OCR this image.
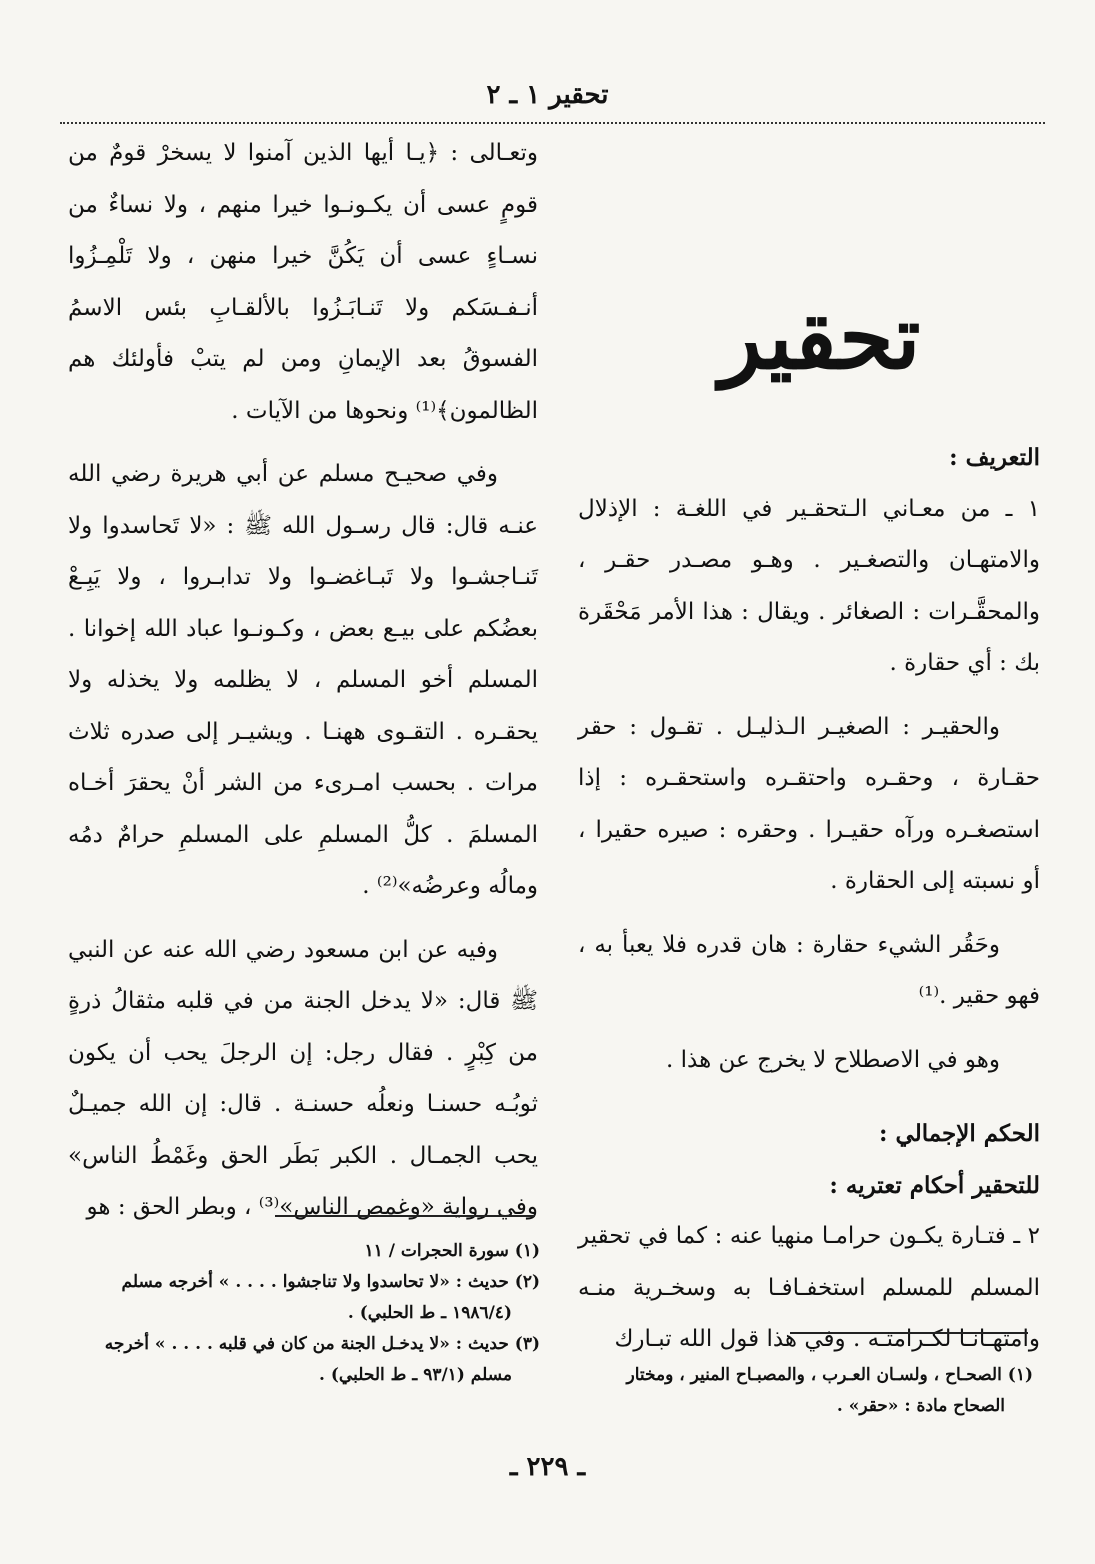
تحقير ١ ـ ٢

وتعـالى : ﴿يـا أيها الذين آمنوا لا يسخرْ قومٌ من قومٍ عسى أن يكـونـوا خيرا منهم ، ولا نساءٌ من نسـاءٍ عسى أن يَكُنَّ خيرا منهن ، ولا تَلْمِـزُوا أنـفـسَكم ولا تَنـابَـزُوا بالألقـابِ بئس الاسمُ الفسوقُ بعد الإيمانِ ومن لم يتبْ فأولئك هم الظالمون﴾⁽¹⁾ ونحوها من الآيات .

وفي صحيـح مسلم عن أبي هريرة رضي الله عنـه قال: قال رسـول الله ﷺ : «لا تَحاسدوا ولا تَنـاجشـوا ولا تَبـاغضـوا ولا تدابـروا ، ولا يَبِـعْ بعضُكم على بيـع بعض ، وكـونـوا عباد الله إخوانا . المسلم أخو المسلم ، لا يظلمه ولا يخذله ولا يحقـره . التقـوى ههنـا . ويشيـر إلى صدره ثلاث مرات . بحسب امـرىء من الشر أنْ يحقرَ أخـاه المسلمَ . كلُّ المسلمِ على المسلمِ حرامٌ دمُه ومالُه وعرضُه»⁽²⁾ .

وفيه عن ابن مسعود رضي الله عنه عن النبي ﷺ قال: «لا يدخل الجنة من في قلبه مثقالُ ذرةٍ من كِبْرٍ . فقال رجل: إن الرجلَ يحب أن يكون ثوبُـه حسنـا ونعلُه حسنـة . قال: إن الله جميـلٌ يحب الجمـال . الكبر بَطَر الحق وغَمْطُ الناس» وفي رواية «وغمص الناس»⁽³⁾ ، وبطر الحق : هو

تحقير

التعريف :

١ ـ من معـاني الـتحقـير في اللغـة : الإذلال والامتهـان والتصغـير . وهـو مصـدر حقـر ، والمحقَّـرات : الصغائر . ويقال : هذا الأمر مَحْقَرة بك : أي حقارة .

والحقيـر : الصغيـر الـذليـل . تقـول : حقر حقـارة ، وحقـره واحتقـره واستحقـره : إذا استصغـره ورآه حقيـرا . وحقره : صيره حقيرا ، أو نسبته إلى الحقارة .

وحَقُر الشيء حقارة : هان قدره فلا يعبأ به ، فهو حقير .⁽¹⁾

وهو في الاصطلاح لا يخرج عن هذا .

الحكم الإجمالي :

للتحقير أحكام تعتريه :

٢ ـ فتـارة يكـون حرامـا منهيا عنه : كما في تحقير المسلم للمسلم استخفـافـا به وسخـرية منـه وامتهـانـا لكـرامتـه . وفي هذا قول الله تبـارك

(١) سورة الحجرات / ١١

(٢) حديث : «لا تحاسدوا ولا تناجشوا . . . . » أخرجه مسلم

(١٩٨٦/٤ ـ ط الحلبي) .

(٣) حديث : «لا يدخـل الجنة من كان في قلبه . . . . » أخرجه

مسلم (٩٣/١ ـ ط الحلبي) .	(١) الصحـاح ، ولسـان العـرب ، والمصبـاح المنير ، ومختار

الصحاح مادة : «حقر» .

ـ ٢٢٩ ـ
